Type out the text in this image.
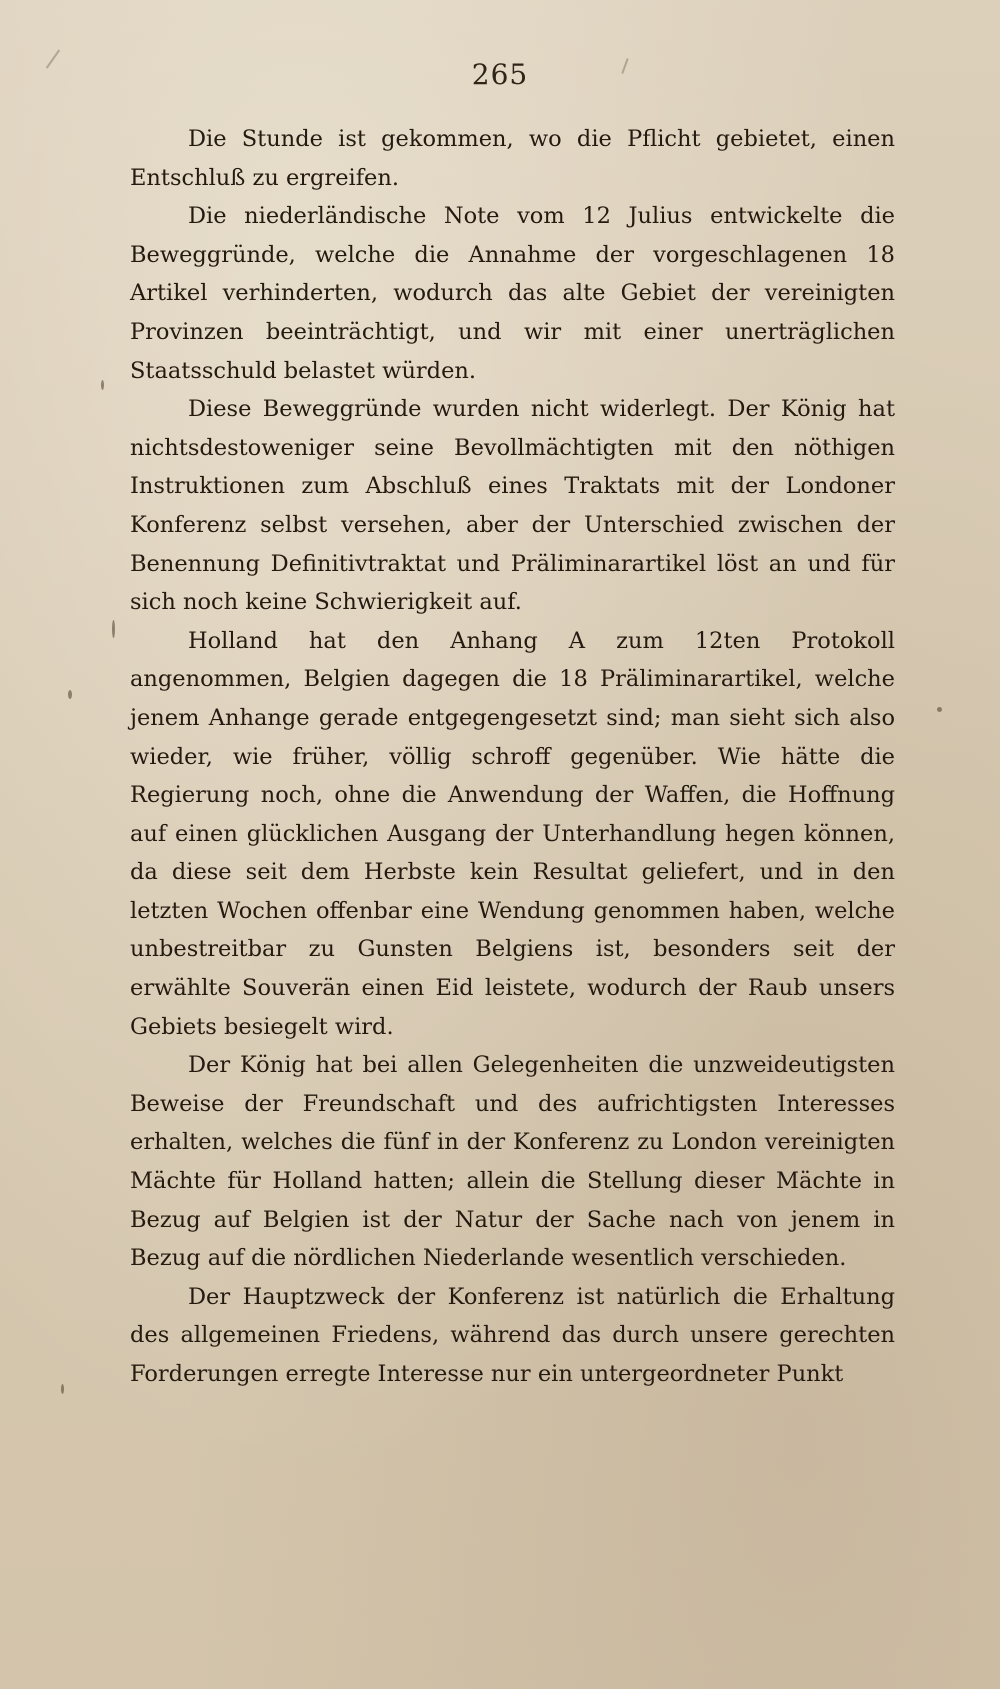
265

Die Stunde ist gekommen, wo die Pflicht gebietet, einen Entschluß zu ergreifen.

Die niederländische Note vom 12 Julius entwickelte die Beweggründe, welche die Annahme der vorgeschlagenen 18 Artikel verhinderten, wodurch das alte Gebiet der vereinigten Provinzen beeinträchtigt, und wir mit einer unerträglichen Staatsschuld belastet würden.

Diese Beweggründe wurden nicht widerlegt. Der König hat nichtsdestoweniger seine Bevollmächtigten mit den nöthigen Instruktionen zum Abschluß eines Traktats mit der Londoner Konferenz selbst versehen, aber der Unterschied zwischen der Benennung Definitivtraktat und Präliminarartikel löst an und für sich noch keine Schwierigkeit auf.

Holland hat den Anhang A zum 12ten Protokoll angenommen, Belgien dagegen die 18 Präliminarartikel, welche jenem Anhange gerade entgegengesetzt sind; man sieht sich also wieder, wie früher, völlig schroff gegenüber. Wie hätte die Regierung noch, ohne die Anwendung der Waffen, die Hoffnung auf einen glücklichen Ausgang der Unterhandlung hegen können, da diese seit dem Herbste kein Resultat geliefert, und in den letzten Wochen offenbar eine Wendung genommen haben, welche unbestreitbar zu Gunsten Belgiens ist, besonders seit der erwählte Souverän einen Eid leistete, wodurch der Raub unsers Gebiets besiegelt wird.

Der König hat bei allen Gelegenheiten die unzweideutigsten Beweise der Freundschaft und des aufrichtigsten Interesses erhalten, welches die fünf in der Konferenz zu London vereinigten Mächte für Holland hatten; allein die Stellung dieser Mächte in Bezug auf Belgien ist der Natur der Sache nach von jenem in Bezug auf die nördlichen Niederlande wesentlich verschieden.

Der Hauptzweck der Konferenz ist natürlich die Erhaltung des allgemeinen Friedens, während das durch unsere gerechten Forderungen erregte Interesse nur ein untergeordneter Punkt
